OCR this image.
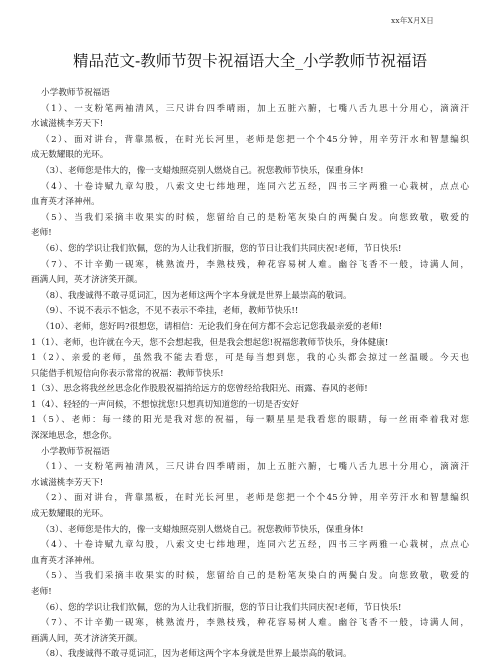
xx年X月X日
精品范文-教师节贺卡祝福语大全_小学教师节祝福语
小学教师节祝福语
（1）、一支粉笔两袖清风，三尺讲台四季晴雨，加上五脏六腑，七嘴八舌九思十分用心，滴滴汗
水诚滋桃李芳天下!
（2）、面对讲台，背靠黑板，在时光长河里，老师是您把一个个45分钟，用辛劳汗水和智慧编织
成无数耀眼的光环。
（3）、老师您是伟大的，像一支蜡烛照亮别人燃烧自己。祝您教师节快乐，保重身体!
（4）、十卷诗赋九章勾股，八索文史七纬地理，连同六艺五经，四书三字两雅一心栽树，点点心
血育英才泽神州。
（5）、当我们采摘丰收果实的时候，您留给自己的是粉笔灰染白的两鬓白发。向您致敬，敬爱的
老师!
（6）、您的学识让我们钦佩，您的为人让我们折服，您的节日让我们共同庆祝!老师，节日快乐!
（7）、不计辛勤一砚寒，桃熟流丹，李熟枝残，种花容易树人难。幽谷飞香不一般，诗满人间，
画满人间，英才济济笑开颜。
（8）、我虔诚得不敢寻觅词汇，因为老师这两个字本身就是世界上最崇高的敬词。
（9）、不说不表示不惦念，不见不表示不牵挂，老师，教师节快乐!!
（10）、老师，您好吗?很想您，请相信：无论我们身在何方都不会忘记您我最亲爱的老师!
1（1）、老师，也许就在今天，您不会想起我，但是我会想起您!祝福您教师节快乐，身体健康!
1（2）、亲爱的老师，虽然我不能去看您，可是每当想到您，我的心头都会掠过一丝温暖。今天也
只能借手机短信向你表示常常的祝福：教师节快乐!
1（3）、思念将我丝丝思念化作股股祝福捎给远方的您曾经给我阳光、雨露、春风的老师!
1（4）、轻轻的一声问候，不想惊扰您!只想真切知道您的一切是否安好
1（5）、老师：每一缕的阳光是我对您的祝福，每一颗星星是我看您的眼睛，每一丝雨牵着我对您
深深地思念，想念你。
小学教师节祝福语
（1）、一支粉笔两袖清风，三尺讲台四季晴雨，加上五脏六腑，七嘴八舌九思十分用心，滴滴汗
水诚滋桃李芳天下!
（2）、面对讲台，背靠黑板，在时光长河里，老师是您把一个个45分钟，用辛劳汗水和智慧编织
成无数耀眼的光环。
（3）、老师您是伟大的，像一支蜡烛照亮别人燃烧自己。祝您教师节快乐，保重身体!
（4）、十卷诗赋九章勾股，八索文史七纬地理，连同六艺五经，四书三字两雅一心栽树，点点心
血育英才泽神州。
（5）、当我们采摘丰收果实的时候，您留给自己的是粉笔灰染白的两鬓白发。向您致敬，敬爱的
老师!
（6）、您的学识让我们钦佩，您的为人让我们折服，您的节日让我们共同庆祝!老师，节日快乐!
（7）、不计辛勤一砚寒，桃熟流丹，李熟枝残，种花容易树人难。幽谷飞香不一般，诗满人间，
画满人间，英才济济笑开颜。
（8）、我虔诚得不敢寻觅词汇，因为老师这两个字本身就是世界上最崇高的敬词。
